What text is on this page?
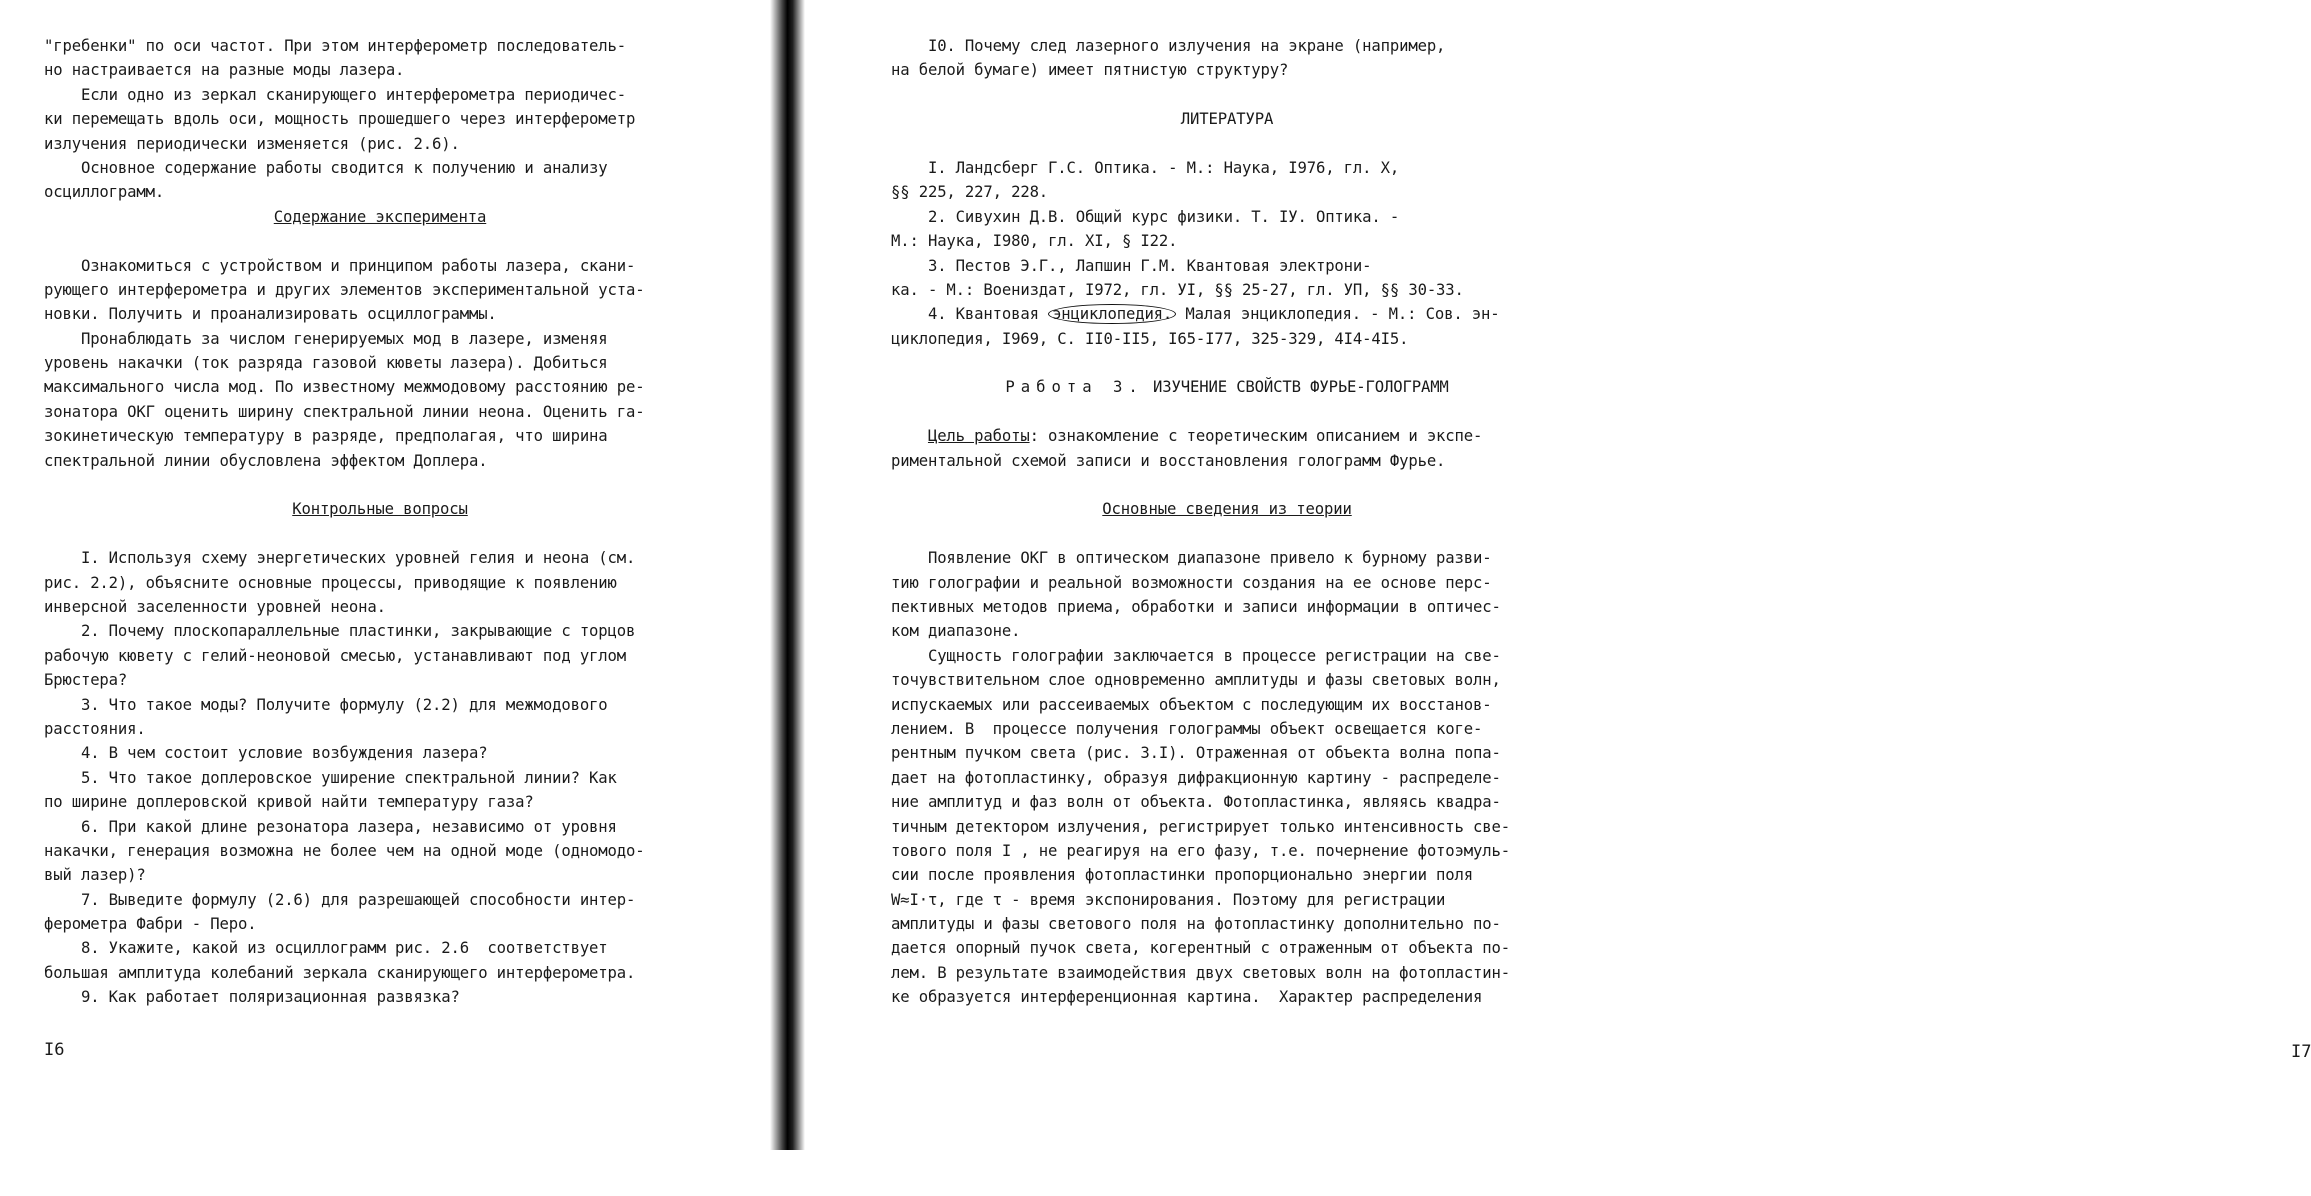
"гребенки" по оси частот. При этом интерферометр последователь-
но настраивается на разные моды лазера.
Если одно из зеркал сканирующего интерферометра периодичес-
ки перемещать вдоль оси, мощность прошедшего через интерферометр
излучения периодически изменяется (рис. 2.6).
Основное содержание работы сводится к получению и анализу
осциллограмм.
Содержание эксперимента
Ознакомиться с устройством и принципом работы лазера, скани-
рующего интерферометра и других элементов экспериментальной уста-
новки. Получить и проанализировать осциллограммы.
Пронаблюдать за числом генерируемых мод в лазере, изменяя
уровень накачки (ток разряда газовой кюветы лазера). Добиться
максимального числа мод. По известному межмодовому расстоянию ре-
зонатора ОКГ оценить ширину спектральной линии неона. Оценить га-
зокинетическую температуру в разряде, предполагая, что ширина
спектральной линии обусловлена эффектом Доплера.
Контрольные вопросы
I. Используя схему энергетических уровней гелия и неона (см.
рис. 2.2), объясните основные процессы, приводящие к появлению
инверсной заселенности уровней неона.
2. Почему плоскопараллельные пластинки, закрывающие с торцов
рабочую кювету с гелий-неоновой смесью, устанавливают под углом
Брюстера?
3. Что такое моды? Получите формулу (2.2) для межмодового
расстояния.
4. В чем состоит условие возбуждения лазера?
5. Что такое доплеровское уширение спектральной линии? Как
по ширине доплеровской кривой найти температуру газа?
6. При какой длине резонатора лазера, независимо от уровня
накачки, генерация возможна не более чем на одной моде (одномодо-
вый лазер)?
7. Выведите формулу (2.6) для разрешающей способности интер-
ферометра Фабри - Перо.
8. Укажите, какой из осциллограмм рис. 2.6  соответствует
большая амплитуда колебаний зеркала сканирующего интерферометра.
9. Как работает поляризационная развязка?
I6
I0. Почему след лазерного излучения на экране (например,
на белой бумаге) имеет пятнистую структуру?
ЛИТЕРАТУРА
I. Ландсберг Г.С. Оптика. - М.: Наука, I976, гл. X,
§§ 225, 227, 228.
2. Сивухин Д.В. Общий курс физики. Т. IУ. Оптика. -
М.: Наука, I980, гл. XI, § I22.
3. Пестов Э.Г., Лапшин Г.М. Квантовая электрони-
ка. - М.: Воениздат, I972, гл. УI, §§ 25-27, гл. УП, §§ 30-33.
4. Квантовая энциклопедия. Малая энциклопедия. - М.: Сов. эн-
циклопедия, I969, С. II0-II5, I65-I77, 325-329, 4I4-4I5.
Работа 3. ИЗУЧЕНИЕ СВОЙСТВ ФУРЬЕ-ГОЛОГРАММ
Цель работы: ознакомление с теоретическим описанием и экспе-
риментальной схемой записи и восстановления голограмм Фурье.
Основные сведения из теории
Появление ОКГ в оптическом диапазоне привело к бурному разви-
тию голографии и реальной возможности создания на ее основе перс-
пективных методов приема, обработки и записи информации в оптичес-
ком диапазоне.
Сущность голографии заключается в процессе регистрации на све-
точувствительном слое одновременно амплитуды и фазы световых волн,
испускаемых или рассеиваемых объектом с последующим их восстанов-
лением. В  процессе получения голограммы объект освещается коге-
рентным пучком света (рис. 3.I). Отраженная от объекта волна попа-
дает на фотопластинку, образуя дифракционную картину - распределе-
ние амплитуд и фаз волн от объекта. Фотопластинка, являясь квадра-
тичным детектором излучения, регистрирует только интенсивность све-
тового поля I , не реагируя на его фазу, т.е. почернение фотоэмуль-
сии после проявления фотопластинки пропорционально энергии поля
W≈I·τ, где τ - время экспонирования. Поэтому для регистрации
амплитуды и фазы светового поля на фотопластинку дополнительно по-
дается опорный пучок света, когерентный с отраженным от объекта по-
лем. В результате взаимодействия двух световых волн на фотопластин-
ке образуется интерференционная картина.  Характер распределения
I7
